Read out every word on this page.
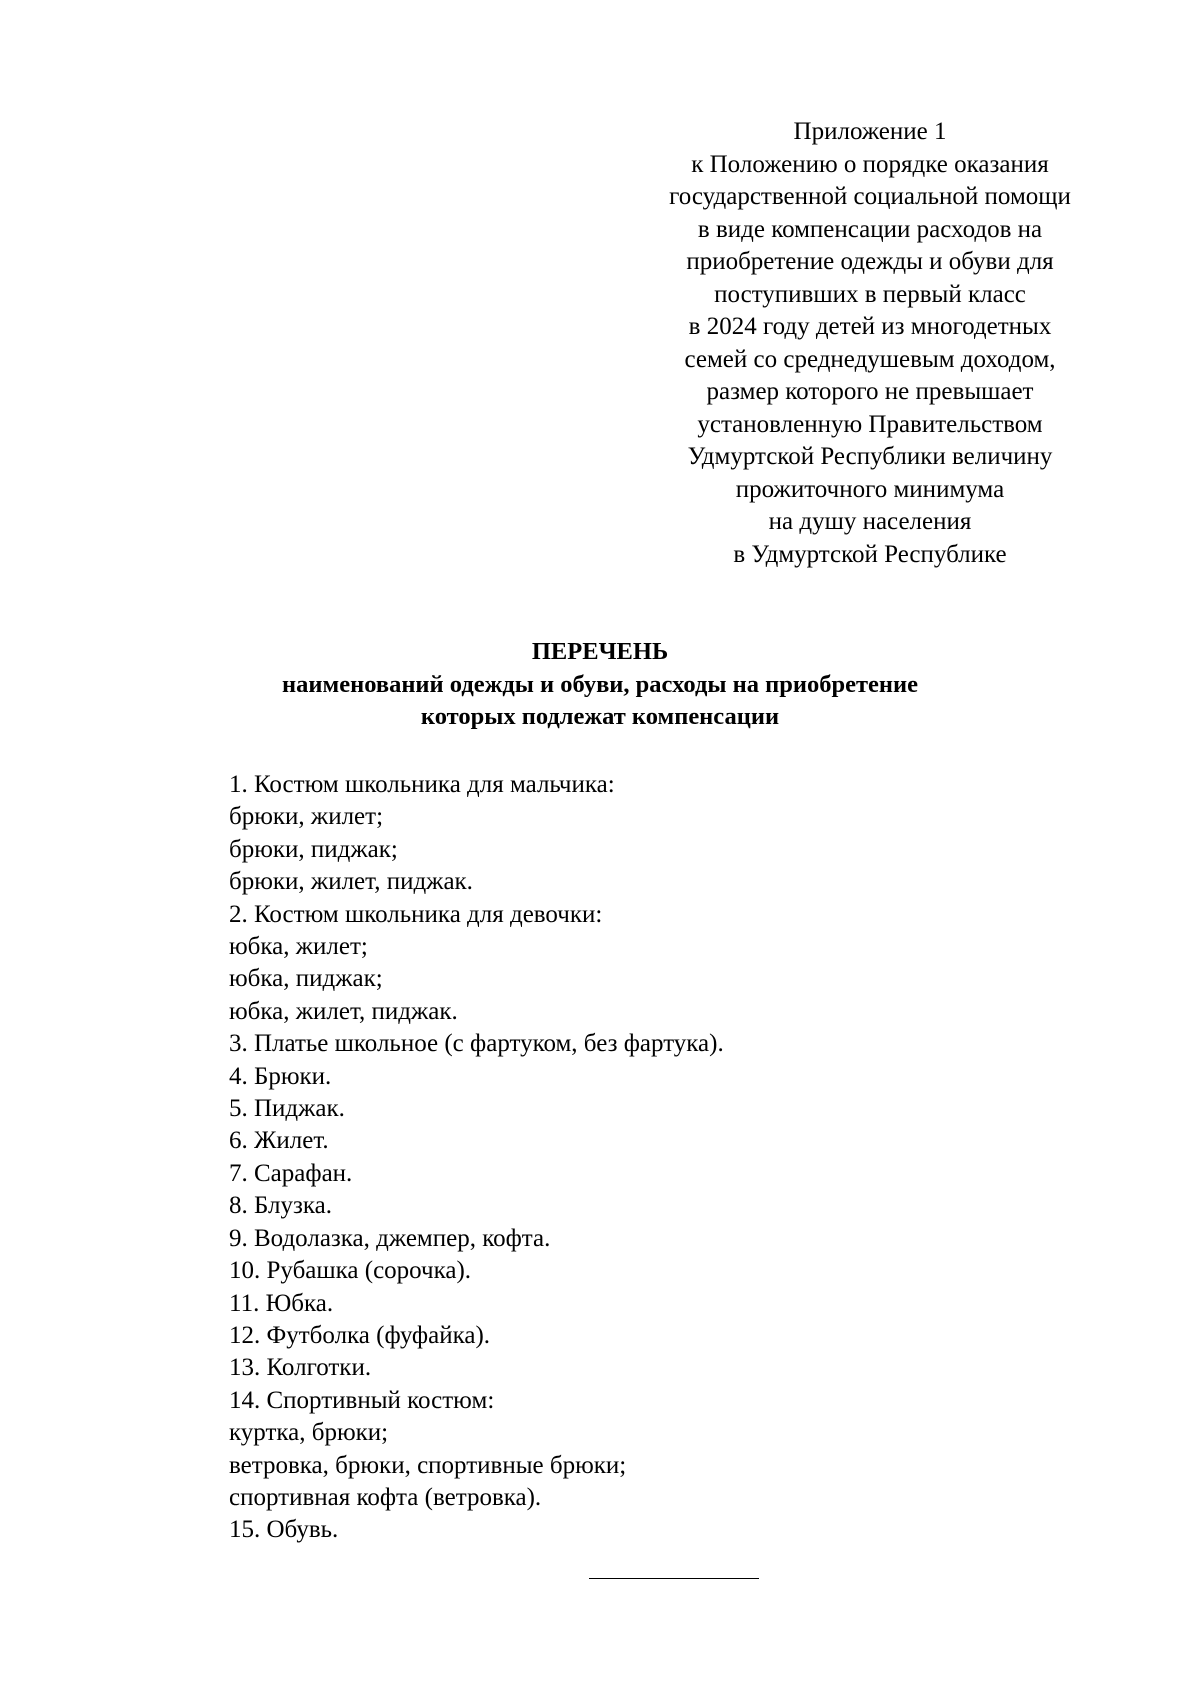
Приложение 1
к Положению о порядке оказания
государственной социальной помощи
в виде компенсации расходов на
приобретение одежды и обуви для
поступивших в первый класс
в 2024 году детей из многодетных
семей со среднедушевым доходом,
размер которого не превышает
установленную Правительством
Удмуртской Республики величину
прожиточного минимума
на душу населения
в Удмуртской Республике
ПЕРЕЧЕНЬ
наименований одежды и обуви, расходы на приобретение
которых подлежат компенсации
1. Костюм школьника для мальчика:
брюки, жилет;
брюки, пиджак;
брюки, жилет, пиджак.
2. Костюм школьника для девочки:
юбка, жилет;
юбка, пиджак;
юбка, жилет, пиджак.
3. Платье школьное (с фартуком, без фартука).
4. Брюки.
5. Пиджак.
6. Жилет.
7. Сарафан.
8. Блузка.
9. Водолазка, джемпер, кофта.
10. Рубашка (сорочка).
11. Юбка.
12. Футболка (фуфайка).
13. Колготки.
14. Спортивный костюм:
куртка, брюки;
ветровка, брюки, спортивные брюки;
спортивная кофта (ветровка).
15. Обувь.
